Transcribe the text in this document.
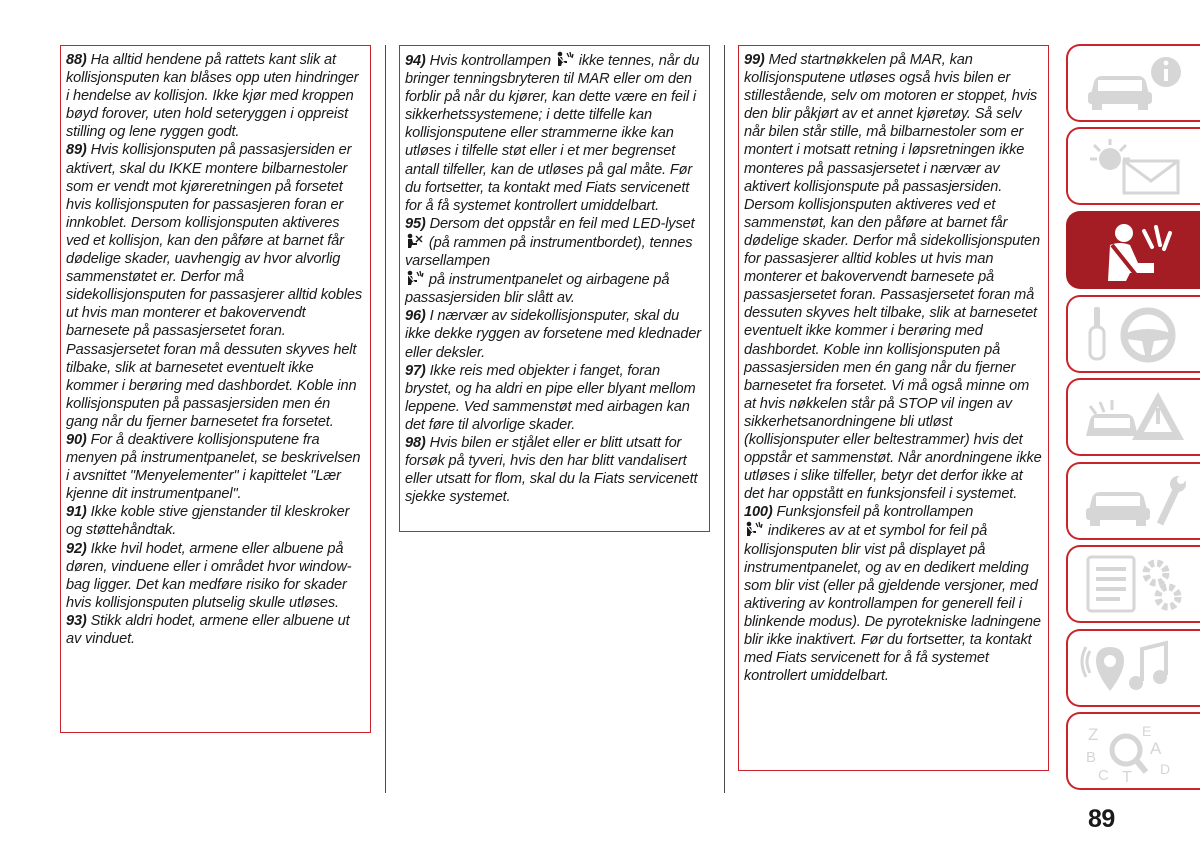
88) Ha alltid hendene på rattets kant slik at kollisjonsputen kan blåses opp uten hindringer i hendelse av kollisjon. Ikke kjør med kroppen bøyd forover, uten hold seteryggen i oppreist stilling og lene ryggen godt.
89) Hvis kollisjonsputen på passasjersiden er aktivert, skal du IKKE montere bilbarnestoler som er vendt mot kjøreretningen på forsetet hvis kollisjonsputen for passasjeren foran er innkoblet. Dersom kollisjonsputen aktiveres ved et kollisjon, kan den påføre at barnet får dødelige skader, uavhengig av hvor alvorlig sammenstøtet er. Derfor må sidekollisjonsputen for passasjerer alltid kobles ut hvis man monterer et bakovervendt barnesete på passasjersetet foran. Passasjersetet foran må dessuten skyves helt tilbake, slik at barnesetet eventuelt ikke kommer i berøring med dashbordet. Koble inn kollisjonsputen på passasjersiden men én gang når du fjerner barnesetet fra forsetet.
90) For å deaktivere kollisjonsputene fra menyen på instrumentpanelet, se beskrivelsen i avsnittet "Menyelementer" i kapittelet "Lær kjenne dit instrumentpanel".
91) Ikke koble stive gjenstander til kleskroker og støttehåndtak.
92) Ikke hvil hodet, armene eller albuene på døren, vinduene eller i området hvor window-bag ligger. Det kan medføre risiko for skader hvis kollisjonsputen plutselig skulle utløses.
93) Stikk aldri hodet, armene eller albuene ut av vinduet.
94) Hvis kontrollampen ikke tennes, når du bringer tenningsbryteren til MAR eller om den forblir på når du kjører, kan dette være en feil i sikkerhetssystemene; i dette tilfelle kan kollisjonsputene eller strammerne ikke kan utløses i tilfelle støt eller i et mer begrenset antall tilfeller, kan de utløses på gal måte. Før du fortsetter, ta kontakt med Fiats servicenett for å få systemet kontrollert umiddelbart.
95) Dersom det oppstår en feil med LED-lyset
(på rammen på instrumentbordet), tennes varsellampen

på instrumentpanelet og airbagene på passasjersiden blir slått av.
96) I nærvær av sidekollisjonsputer, skal du ikke dekke ryggen av forsetene med klednader eller deksler.
97) Ikke reis med objekter i fanget, foran brystet, og ha aldri en pipe eller blyant mellom leppene. Ved sammenstøt med airbagen kan det føre til alvorlige skader.
98) Hvis bilen er stjålet eller er blitt utsatt for forsøk på tyveri, hvis den har blitt vandalisert eller utsatt for flom, skal du la Fiats servicenett sjekke systemet.
99) Med startnøkkelen på MAR, kan kollisjonsputene utløses også hvis bilen er stillestående, selv om motoren er stoppet, hvis den blir påkjørt av et annet kjøretøy. Så selv når bilen står stille, må bilbarnestoler som er montert i motsatt retning i løpsretningen ikke monteres på passasjersetet i nærvær av aktivert kollisjonspute på passasjersiden. Dersom kollisjonsputen aktiveres ved et sammenstøt, kan den påføre at barnet får dødelige skader. Derfor må sidekollisjonsputen for passasjerer alltid kobles ut hvis man monterer et bakovervendt barnesete på passasjersetet foran. Passasjersetet foran må dessuten skyves helt tilbake, slik at barnesetet eventuelt ikke kommer i berøring med dashbordet. Koble inn kollisjonsputen på passasjersiden men én gang når du fjerner barnesetet fra forsetet. Vi må også minne om at hvis nøkkelen står på STOP vil ingen av sikkerhetsanordningene bli utløst (kollisjonsputer eller beltestrammer) hvis det oppstår et sammenstøt. Når anordningene ikke utløses i slike tilfeller, betyr det derfor ikke at det har oppstått en funksjonsfeil i systemet.
100) Funksjonsfeil på kontrollampen

indikeres av at et symbol for feil på kollisjonsputen blir vist på displayet på instrumentpanelet, og av en dedikert melding som blir vist (eller på gjeldende versjoner, med aktivering av kontrollampen for generell feil i blinkende modus). De pyrotekniske ladningene blir ikke inaktivert. Før du fortsetter, ta kontakt med Fiats servicenett for å få systemet kontrollert umiddelbart.
Z	E
A
B
C T D
89
